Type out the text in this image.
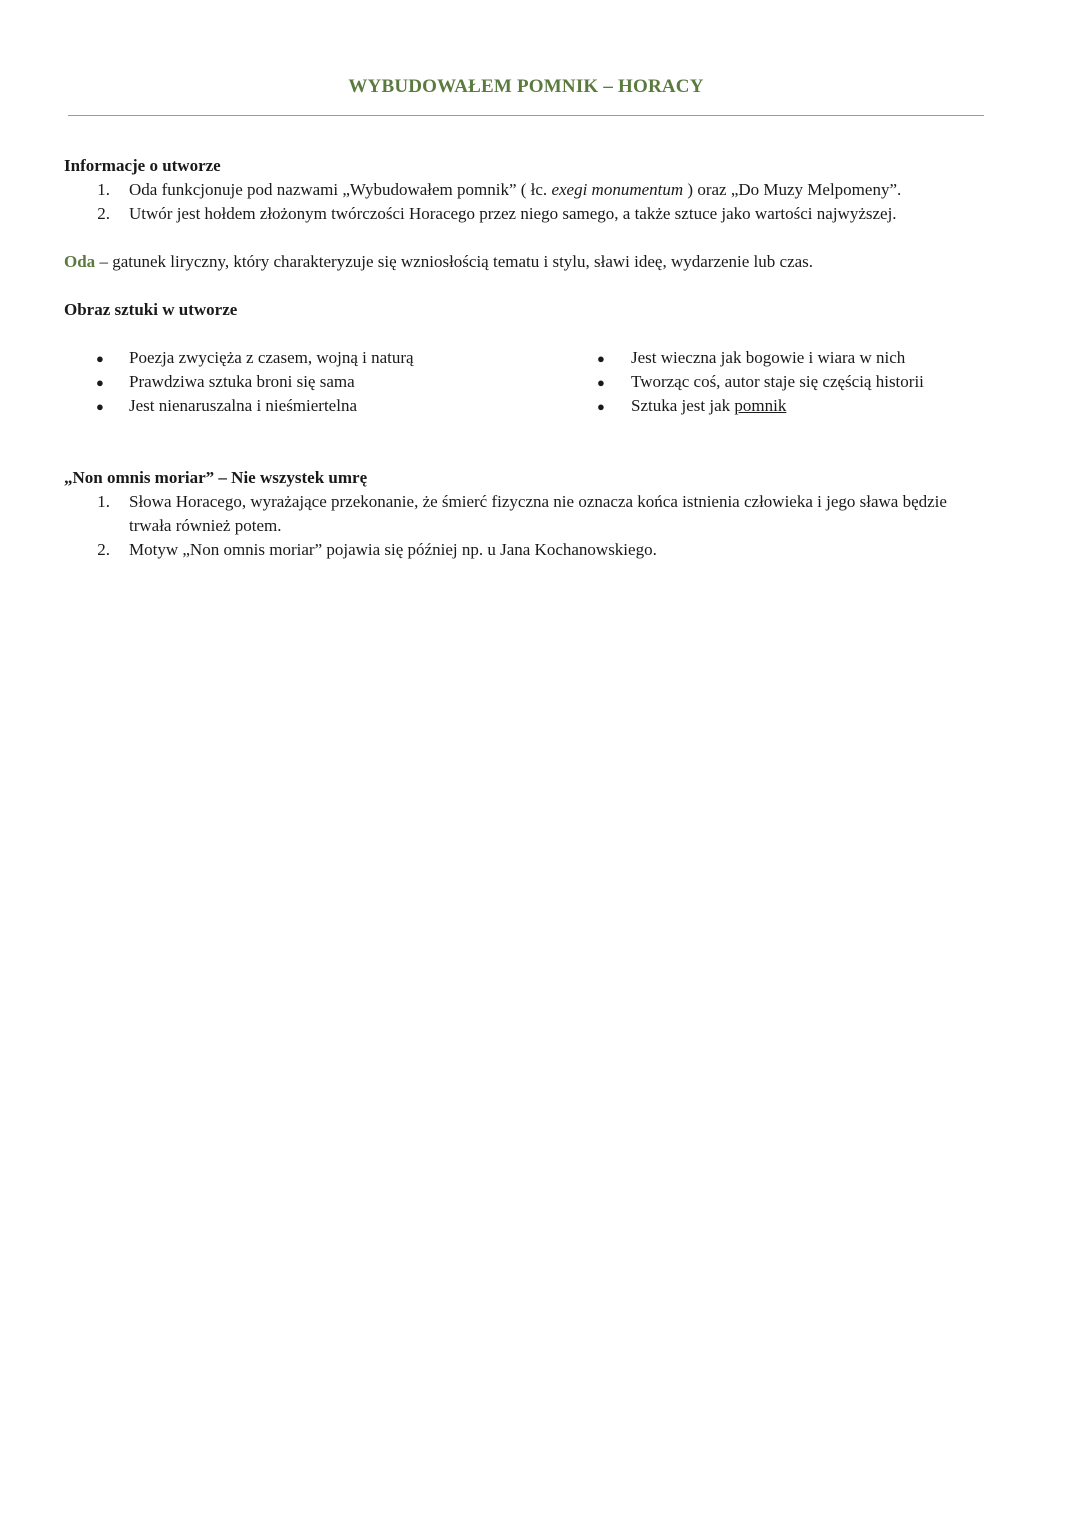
WYBUDOWAŁEM POMNIK – HORACY
Informacje o utworze
1. Oda funkcjonuje pod nazwami „Wybudowałem pomnik” ( łc. exegi monumentum ) oraz „Do Muzy Melpomeny”.
2. Utwór jest hołdem złożonym twórczości Horacego przez niego samego, a także sztuce jako wartości najwyższej.
Oda – gatunek liryczny, który charakteryzuje się wzniosłością tematu i stylu, sławi ideę, wydarzenie lub czas.
Obraz sztuki w utworze
● Poezja zwycięża z czasem, wojną i naturą
● Prawdziwa sztuka broni się sama
● Jest nienaruszalna i nieśmiertelna
● Jest wieczna jak bogowie i wiara w nich
● Tworząc coś, autor staje się częścią historii
● Sztuka jest jak pomnik
„Non omnis moriar” – Nie wszystek umrę
1. Słowa Horacego, wyrażające przekonanie, że śmierć fizyczna nie oznacza końca istnienia człowieka i jego sława będzie
trwała również potem.
2. Motyw „Non omnis moriar” pojawia się później np. u Jana Kochanowskiego.
